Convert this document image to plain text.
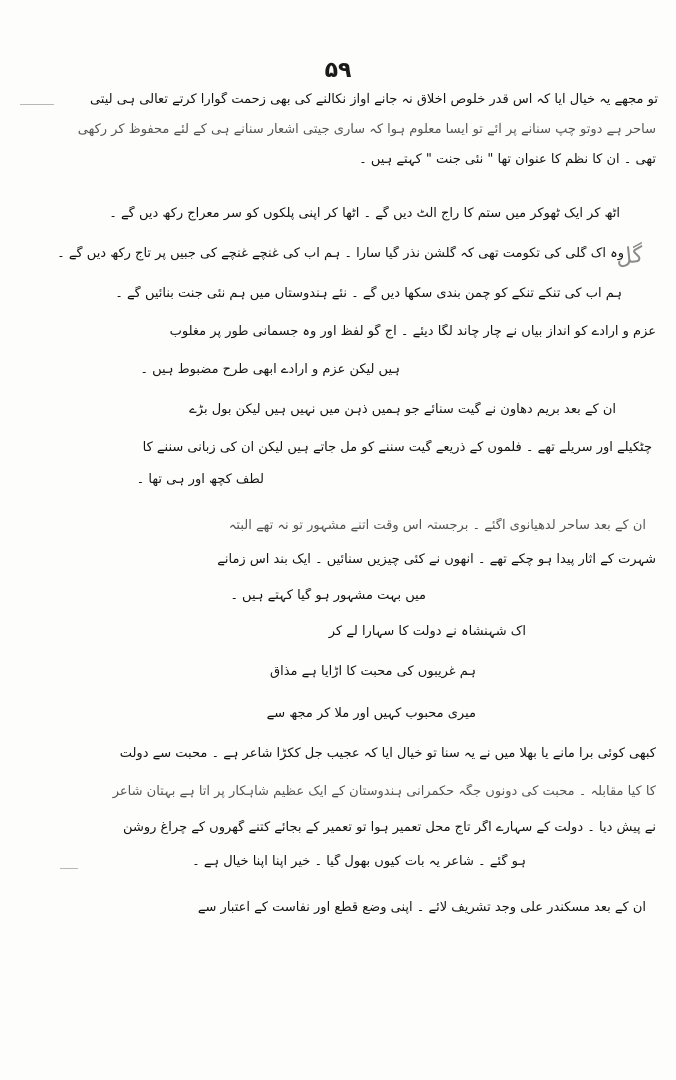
۵۹
گل
تو مجھے یہ خیال آیا کہ اس قدر خلوص اخلاق نہ جانے آواز نکالنے کی بھی زحمت گوارا کرتے تعالی ہی لیتی
ساحر ہے دوتو چپ سنانے پر آئے تو ایسا معلوم ہوا کہ ساری جیتی اشعار سنانے ہی کے لئے محفوظ کر رکھی
تھی ۔ ان کا نظم کا عنوان تھا " نئی جنت " کہتے ہیں ۔
اٹھ کر ایک ٹھوکر میں ستم کا راج الٹ دیں گے ۔ اٹھا کر اپنی پلکوں کو سر معراج رکھ دیں گے ۔
وہ اک گلی کی تکومت تھی کہ گلشن نذر گیا سارا ۔ ہم اب کی غنچے غنچے کی جبیں پر تاج رکھ دیں گے ۔
ہم اب کی تنکے تنکے کو چمن بندی سکھا دیں گے ۔ نئے ہندوستاں میں ہم نئی جنت بنائیں گے ۔
عزم و ارادے کو انداز بیاں نے چار چاند لگا دیئے ۔ آج گو لفظ اور وہ جسمانی طور پر مغلوب
ہیں لیکن عزم و ارادے ابھی طرح مضبوط ہیں ۔
ان کے بعد بریم دھاون نے گیت سنائے جو ہمیں ذہن میں نہیں ہیں لیکن بول بڑے
چٹکیلے اور سریلے تھے ۔ فلموں کے ذریعے گیت سننے کو مل جاتے ہیں لیکن ان کی زبانی سننے کا
لطف کچھ اور ہی تھا ۔
ان کے بعد ساحر لدھیانوی آگئے ۔ برجستہ اس وقت اتنے مشہور تو نہ تھے البتہ
شہرت کے آثار پیدا ہو چکے تھے ۔ انھوں نے کئی چیزیں سنائیں ۔ ایک بند اس زمانے
میں بہت مشہور ہو گیا کہتے ہیں ۔
اک شہنشاہ نے دولت کا سہارا لے کر
ہم غریبوں کی محبت کا اڑایا ہے مذاق
میری محبوب کہیں اور ملا کر مجھ سے
کبھی کوئی برا مانے یا بھلا میں نے یہ سنا تو خیال آیا کہ عجیب جل ککڑا شاعر ہے ۔ محبت سے دولت
کا کیا مقابلہ ۔ محبت کی دونوں جگہ حکمرانی ہندوستان کے ایک عظیم شاہکار پر آتا ہے بہتان شاعر
نے پیش دیا ۔ دولت کے سہارے اگر تاج محل تعمیر ہوا تو تعمیر کے بجائے کتنے گھروں کے چراغ روشن
ہو گئے ۔ شاعر یہ بات کیوں بھول گیا ۔ خیر اپنا اپنا خیال ہے ۔
ان کے بعد مسکندر علی وجد تشریف لائے ۔ اپنی وضع قطع اور نفاست کے اعتبار سے
